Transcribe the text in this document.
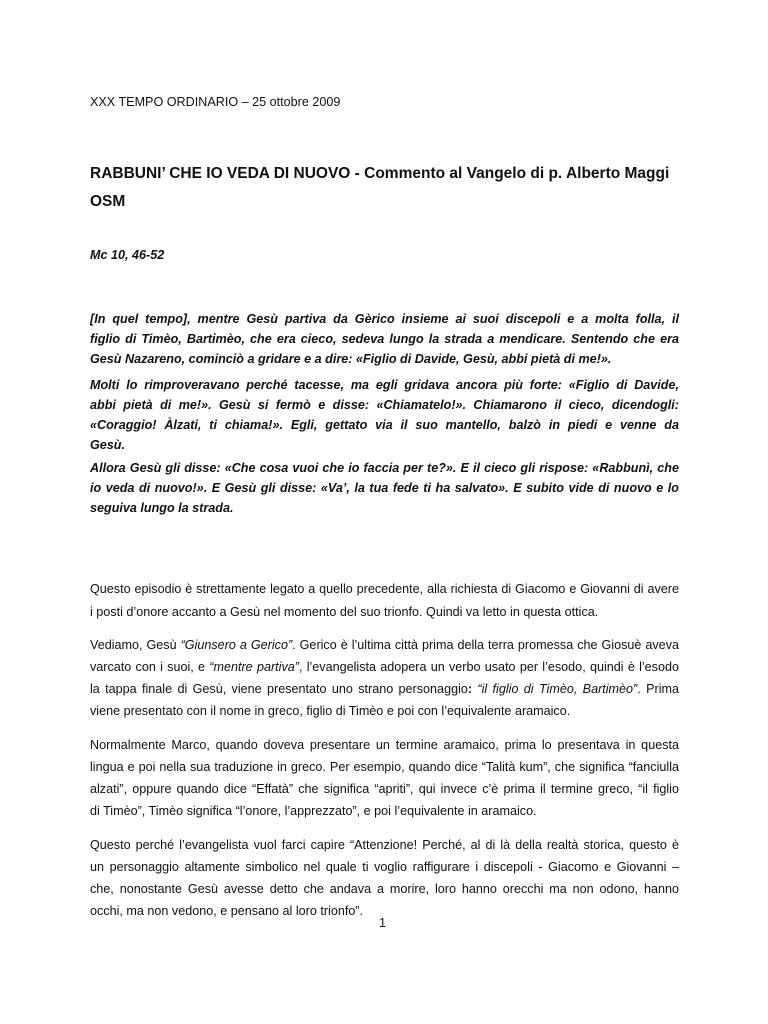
XXX TEMPO ORDINARIO – 25 ottobre 2009
RABBUNI’ CHE IO VEDA DI NUOVO - Commento al Vangelo di p. Alberto Maggi
OSM
Mc 10, 46-52
[In quel tempo], mentre Gesù partiva da Gèrico insieme ai suoi discepoli e a molta folla, il
figlio di Timèo, Bartimèo, che era cieco, sedeva lungo la strada a mendicare. Sentendo che era
Gesù Nazareno, cominciò a gridare e a dire: «Figlio di Davide, Gesù, abbi pietà di me!».
Molti lo rimproveravano perché tacesse, ma egli gridava ancora più forte: «Figlio di Davide,
abbi pietà di me!». Gesù si fermò e disse: «Chiamatelo!». Chiamarono il cieco, dicendogli:
«Coraggio! Àlzati, ti chiama!». Egli, gettato via il suo mantello, balzò in piedi e venne da
Gesù.
Allora Gesù gli disse: «Che cosa vuoi che io faccia per te?». E il cieco gli rispose: «Rabbunì, che
io veda di nuovo!». E Gesù gli disse: «Va’, la tua fede ti ha salvato». E subito vide di nuovo e lo
seguiva lungo la strada.
Questo episodio è strettamente legato a quello precedente, alla richiesta di Giacomo e Giovanni di avere
i posti d’onore accanto a Gesù nel momento del suo trionfo. Quindi va letto in questa ottica.
Vediamo, Gesù “Giunsero a Gerico”. Gerico è l’ultima città prima della terra promessa che Giosuè aveva
varcato con i suoi, e “mentre partiva”, l’evangelista adopera un verbo usato per l’esodo, quindi è l’esodo
la tappa finale di Gesù, viene presentato uno strano personaggio: “il figlio di Timèo, Bartimèo”. Prima
viene presentato con il nome in greco, figlio di Timèo e poi con l’equivalente aramaico.
Normalmente Marco, quando doveva presentare un termine aramaico, prima lo presentava in questa
lingua e poi nella sua traduzione in greco. Per esempio, quando dice “Talità kum”, che significa “fanciulla
alzati”, oppure quando dice “Effatà” che significa “apriti”, qui invece c’è prima il termine greco, “il figlio
di Timèo”, Timèo significa “l’onore, l’apprezzato”, e poi l’equivalente in aramaico.
Questo perché l’evangelista vuol farci capire “Attenzione! Perché, al di là della realtà storica, questo è
un personaggio altamente simbolico nel quale ti voglio raffigurare i discepoli - Giacomo e Giovanni –
che, nonostante Gesù avesse detto che andava a morire, loro hanno orecchi ma non odono, hanno
occhi, ma non vedono, e pensano al loro trionfo”.
1
